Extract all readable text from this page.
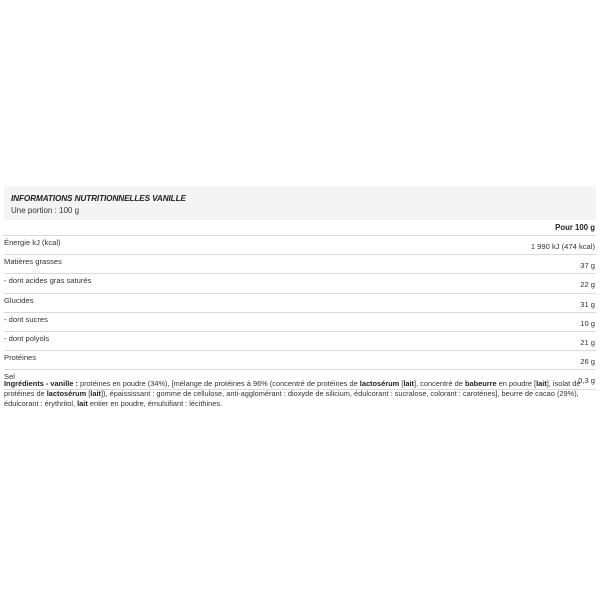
INFORMATIONS NUTRITIONNELLES VANILLE
Une portion : 100 g
Pour 100 g
Énergie kJ (kcal)	1 990 kJ (474 kcal)
Matières grasses	37 g
- dont acides gras saturés	22 g
Glucides	31 g
- dont sucres	10 g
- dont polyols	21 g
Protéines	26 g
Sel	0,3 g
Ingrédients - vanille : protéines en poudre (34%), [mélange de protéines à 96% (concentré de protéines de lactosérum [lait], concentré de babeurre en poudre [lait], isolat de protéines de lactosérum [lait]), épaississant : gomme de cellulose, anti-agglomérant : dioxyde de silicium, édulcorant : sucralose, colorant : caroténes], beurre de cacao (29%), édulcorant : érythritol, lait entier en poudre, émulsifiant : lécithines.
